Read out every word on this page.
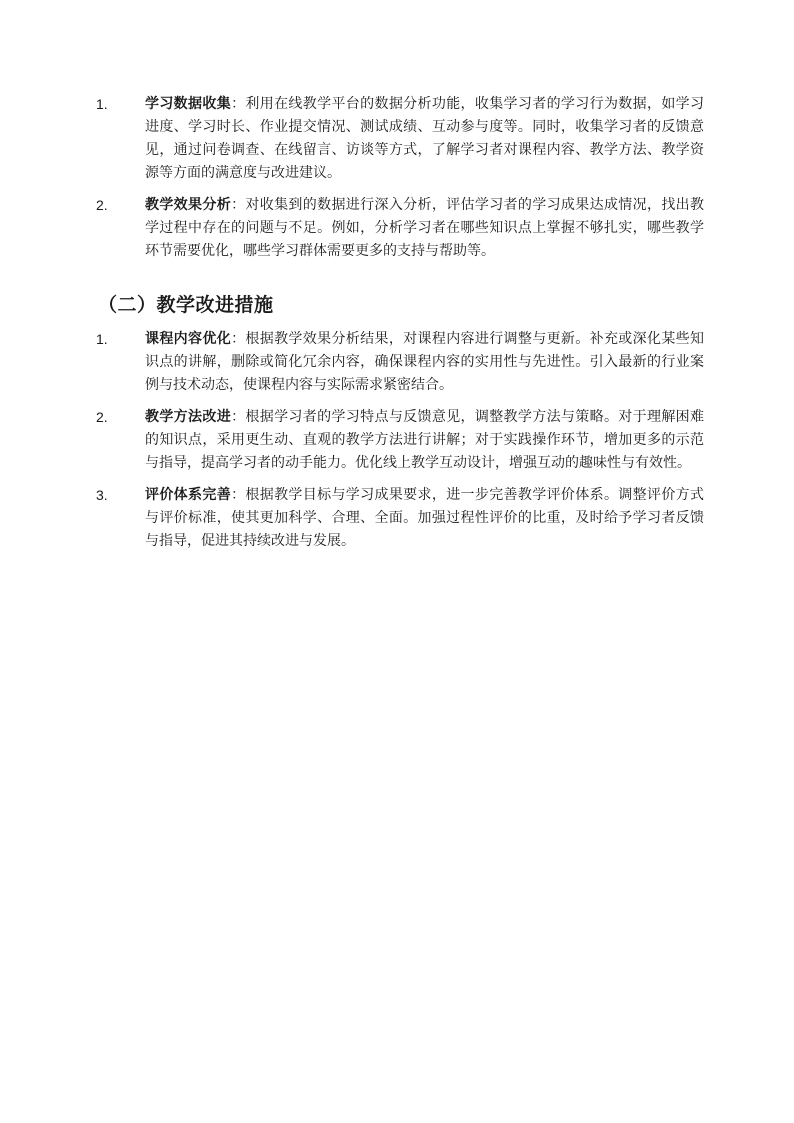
1.	学习数据收集：利用在线教学平台的数据分析功能，收集学习者的学习行为数据，如学习进度、学习时长、作业提交情况、测试成绩、互动参与度等。同时，收集学习者的反馈意见，通过问卷调查、在线留言、访谈等方式，了解学习者对课程内容、教学方法、教学资源等方面的满意度与改进建议。
2.	教学效果分析：对收集到的数据进行深入分析，评估学习者的学习成果达成情况，找出教学过程中存在的问题与不足。例如，分析学习者在哪些知识点上掌握不够扎实，哪些教学环节需要优化，哪些学习群体需要更多的支持与帮助等。
（二）教学改进措施
1.	课程内容优化：根据教学效果分析结果，对课程内容进行调整与更新。补充或深化某些知识点的讲解，删除或简化冗余内容，确保课程内容的实用性与先进性。引入最新的行业案例与技术动态，使课程内容与实际需求紧密结合。
2.	教学方法改进：根据学习者的学习特点与反馈意见，调整教学方法与策略。对于理解困难的知识点，采用更生动、直观的教学方法进行讲解；对于实践操作环节，增加更多的示范与指导，提高学习者的动手能力。优化线上教学互动设计，增强互动的趣味性与有效性。
3.	评价体系完善：根据教学目标与学习成果要求，进一步完善教学评价体系。调整评价方式与评价标准，使其更加科学、合理、全面。加强过程性评价的比重，及时给予学习者反馈与指导，促进其持续改进与发展。
